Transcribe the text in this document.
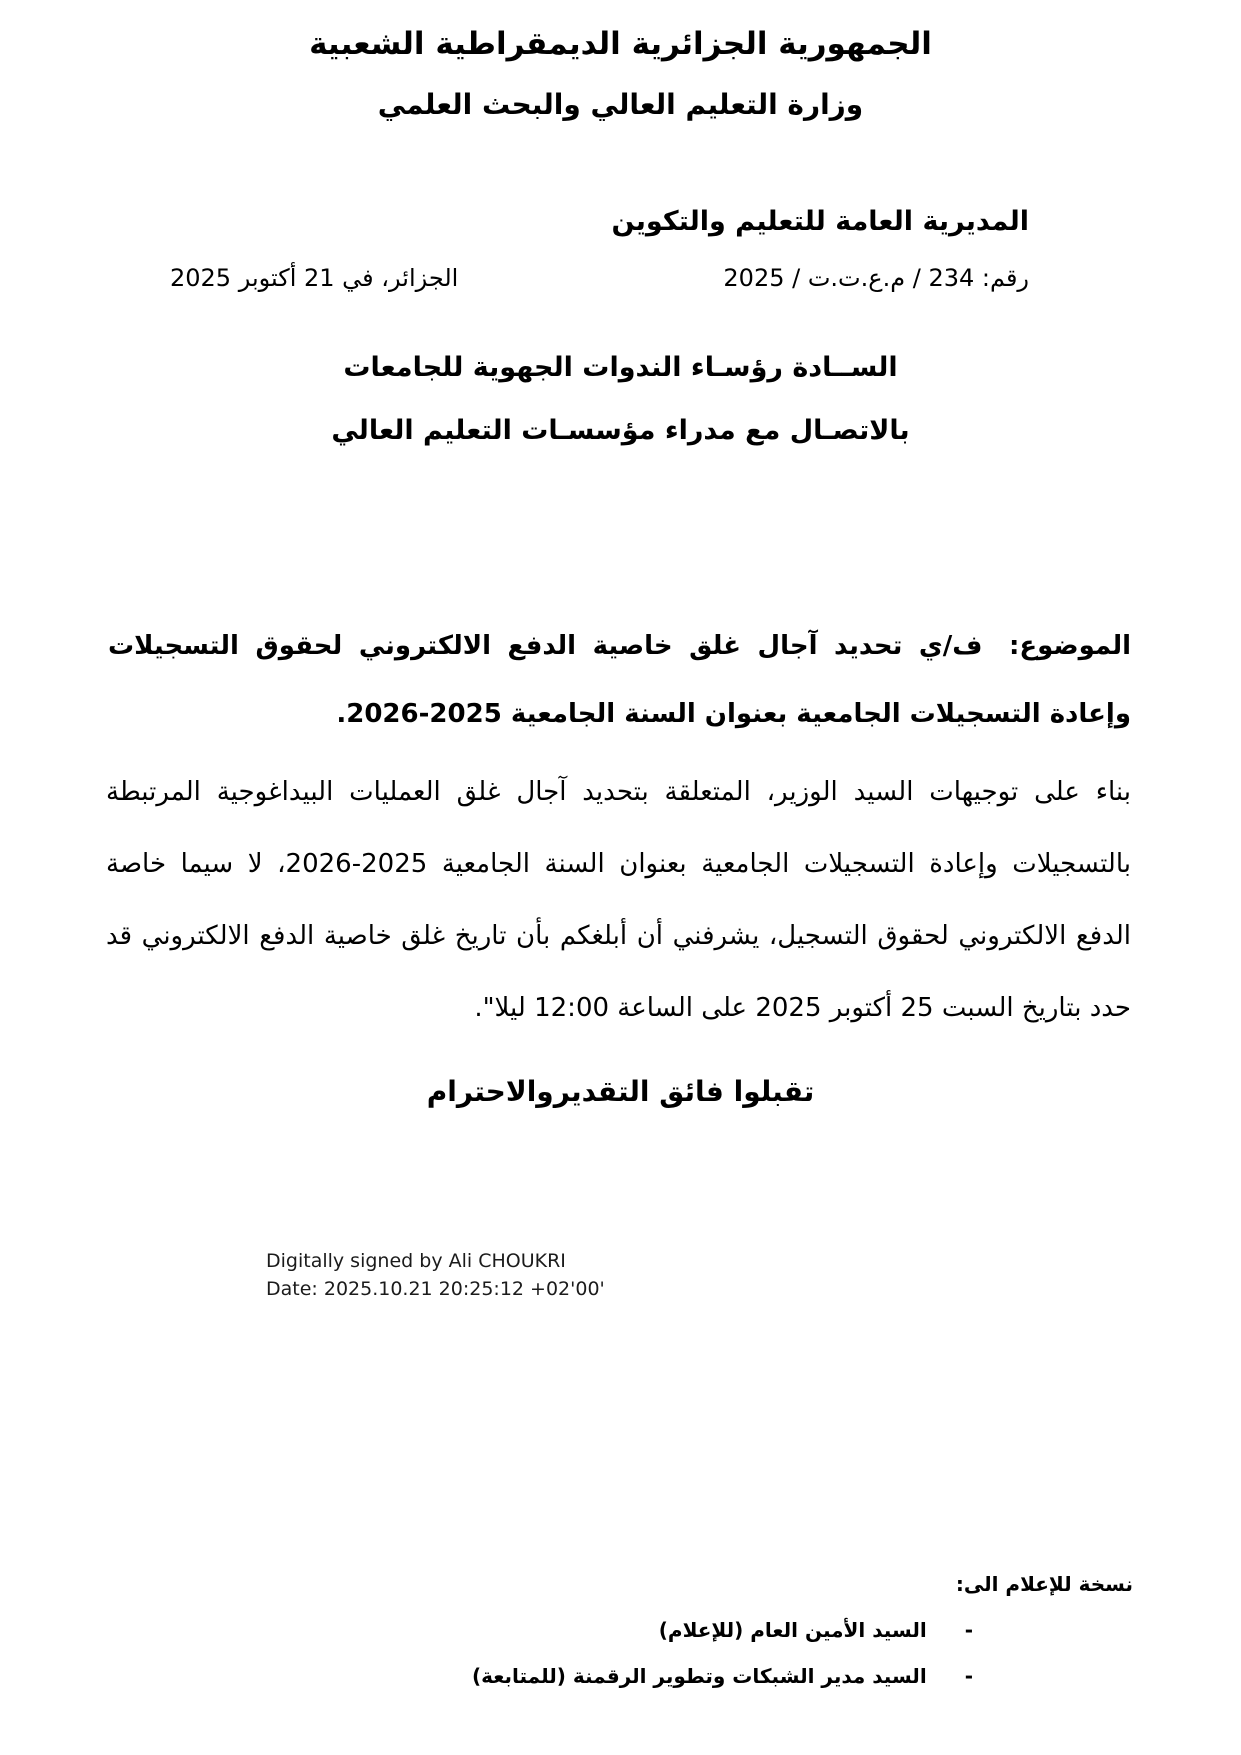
الجمهورية الجزائرية الديمقراطية الشعبية
وزارة التعليم العالي والبحث العلمي
المديرية العامة للتعليم والتكوين
رقم: 234 / م.ع.ت.ت / 2025
الجزائر، في 21 أكتوبر 2025
الســادة رؤسـاء الندوات الجهوية للجامعات
بالاتصـال مع مدراء مؤسسـات التعليم العالي
الموضوع: ف/ي تحديد آجال غلق خاصية الدفع الالكتروني لحقوق التسجيلات وإعادة التسجيلات الجامعية بعنوان السنة الجامعية 2025-2026.
بناء على توجيهات السيد الوزير، المتعلقة بتحديد آجال غلق العمليات البيداغوجية المرتبطة بالتسجيلات وإعادة التسجيلات الجامعية بعنوان السنة الجامعية 2025-2026، لا سيما خاصة الدفع الالكتروني لحقوق التسجيل، يشرفني أن أبلغكم بأن تاريخ غلق خاصية الدفع الالكتروني قد حدد بتاريخ السبت 25 أكتوبر 2025 على الساعة 12:00 ليلا".
تقبلوا فائق التقديروالاحترام
Digitally signed by Ali CHOUKRI
Date: 2025.10.21 20:25:12 +02'00'
نسخة للإعلام الى:
-السيد الأمين العام (للإعلام)
-السيد مدير الشبكات وتطوير الرقمنة (للمتابعة)
